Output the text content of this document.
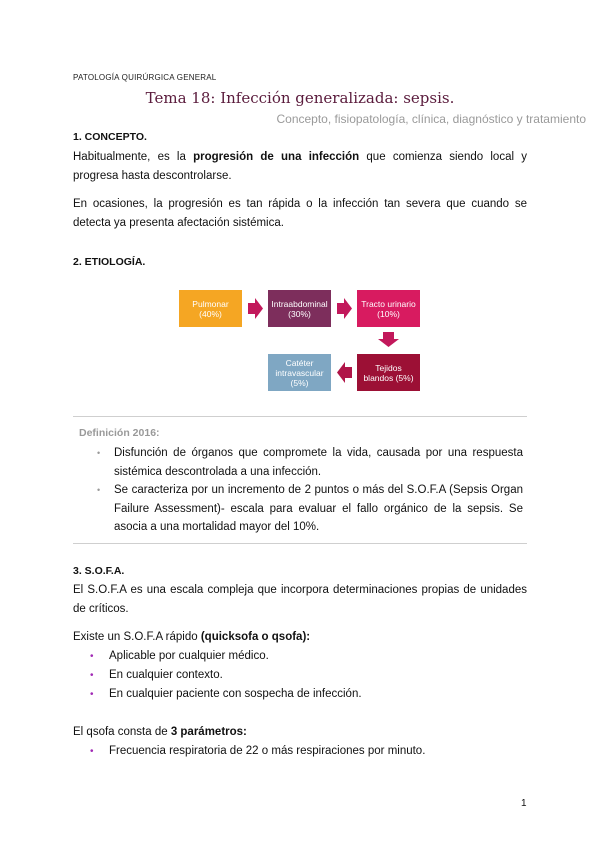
PATOLOGÍA QUIRÚRGICA GENERAL
Tema 18: Infección generalizada: sepsis.
Concepto, fisiopatología, clínica, diagnóstico y tratamiento
1. CONCEPTO.
Habitualmente, es la progresión de una infección que comienza siendo local y progresa hasta descontrolarse.
En ocasiones, la progresión es tan rápida o la infección tan severa que cuando se detecta ya presenta afectación sistémica.
2. ETIOLOGÍA.
Pulmonar
(40%)
Intraabdominal
(30%)
Tracto urinario
(10%)
Tejidos
blandos (5%)
Catéter
intravascular
(5%)
Definición 2016:
• Disfunción de órganos que compromete la vida, causada por una respuesta sistémica descontrolada a una infección.
• Se caracteriza por un incremento de 2 puntos o más del S.O.F.A (Sepsis Organ Failure Assessment)- escala para evaluar el fallo orgánico de la sepsis. Se asocia a una mortalidad mayor del 10%.
3. S.O.F.A.
El S.O.F.A es una escala compleja que incorpora determinaciones propias de unidades de críticos.
Existe un S.O.F.A rápido (quicksofa o qsofa):
• Aplicable por cualquier médico.
• En cualquier contexto.
• En cualquier paciente con sospecha de infección.
El qsofa consta de 3 parámetros:
• Frecuencia respiratoria de 22 o más respiraciones por minuto.
1
